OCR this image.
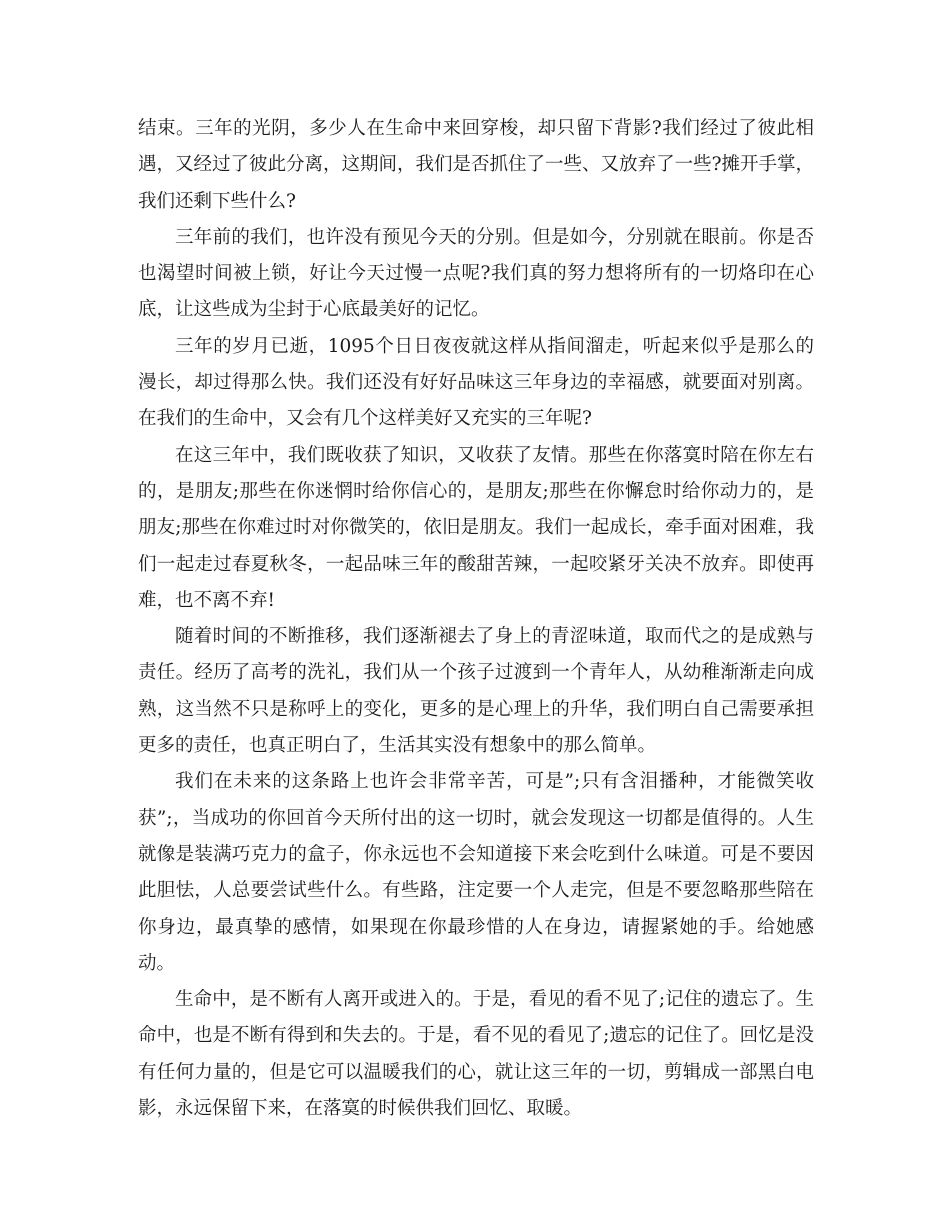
结束。三年的光阴，多少人在生命中来回穿梭，却只留下背影?我们经过了彼此相遇，又经过了彼此分离，这期间，我们是否抓住了一些、又放弃了一些?摊开手掌，我们还剩下些什么?

三年前的我们，也许没有预见今天的分别。但是如今，分别就在眼前。你是否也渴望时间被上锁，好让今天过慢一点呢?我们真的努力想将所有的一切烙印在心底，让这些成为尘封于心底最美好的记忆。

三年的岁月已逝，1095个日日夜夜就这样从指间溜走，听起来似乎是那么的漫长，却过得那么快。我们还没有好好品味这三年身边的幸福感，就要面对别离。在我们的生命中，又会有几个这样美好又充实的三年呢?

在这三年中，我们既收获了知识，又收获了友情。那些在你落寞时陪在你左右的，是朋友;那些在你迷惘时给你信心的，是朋友;那些在你懈怠时给你动力的，是朋友;那些在你难过时对你微笑的，依旧是朋友。我们一起成长，牵手面对困难，我们一起走过春夏秋冬，一起品味三年的酸甜苦辣，一起咬紧牙关决不放弃。即使再难，也不离不弃!

随着时间的不断推移，我们逐渐褪去了身上的青涩味道，取而代之的是成熟与责任。经历了高考的洗礼，我们从一个孩子过渡到一个青年人，从幼稚渐渐走向成熟，这当然不只是称呼上的变化，更多的是心理上的升华，我们明白自己需要承担更多的责任，也真正明白了，生活其实没有想象中的那么简单。

我们在未来的这条路上也许会非常辛苦，可是”;只有含泪播种，才能微笑收获”;，当成功的你回首今天所付出的这一切时，就会发现这一切都是值得的。人生就像是装满巧克力的盒子，你永远也不会知道接下来会吃到什么味道。可是不要因此胆怯，人总要尝试些什么。有些路，注定要一个人走完，但是不要忽略那些陪在你身边，最真挚的感情，如果现在你最珍惜的人在身边，请握紧她的手。给她感动。

生命中，是不断有人离开或进入的。于是，看见的看不见了;记住的遗忘了。生命中，也是不断有得到和失去的。于是，看不见的看见了;遗忘的记住了。回忆是没有任何力量的，但是它可以温暖我们的心，就让这三年的一切，剪辑成一部黑白电影，永远保留下来，在落寞的时候供我们回忆、取暖。
